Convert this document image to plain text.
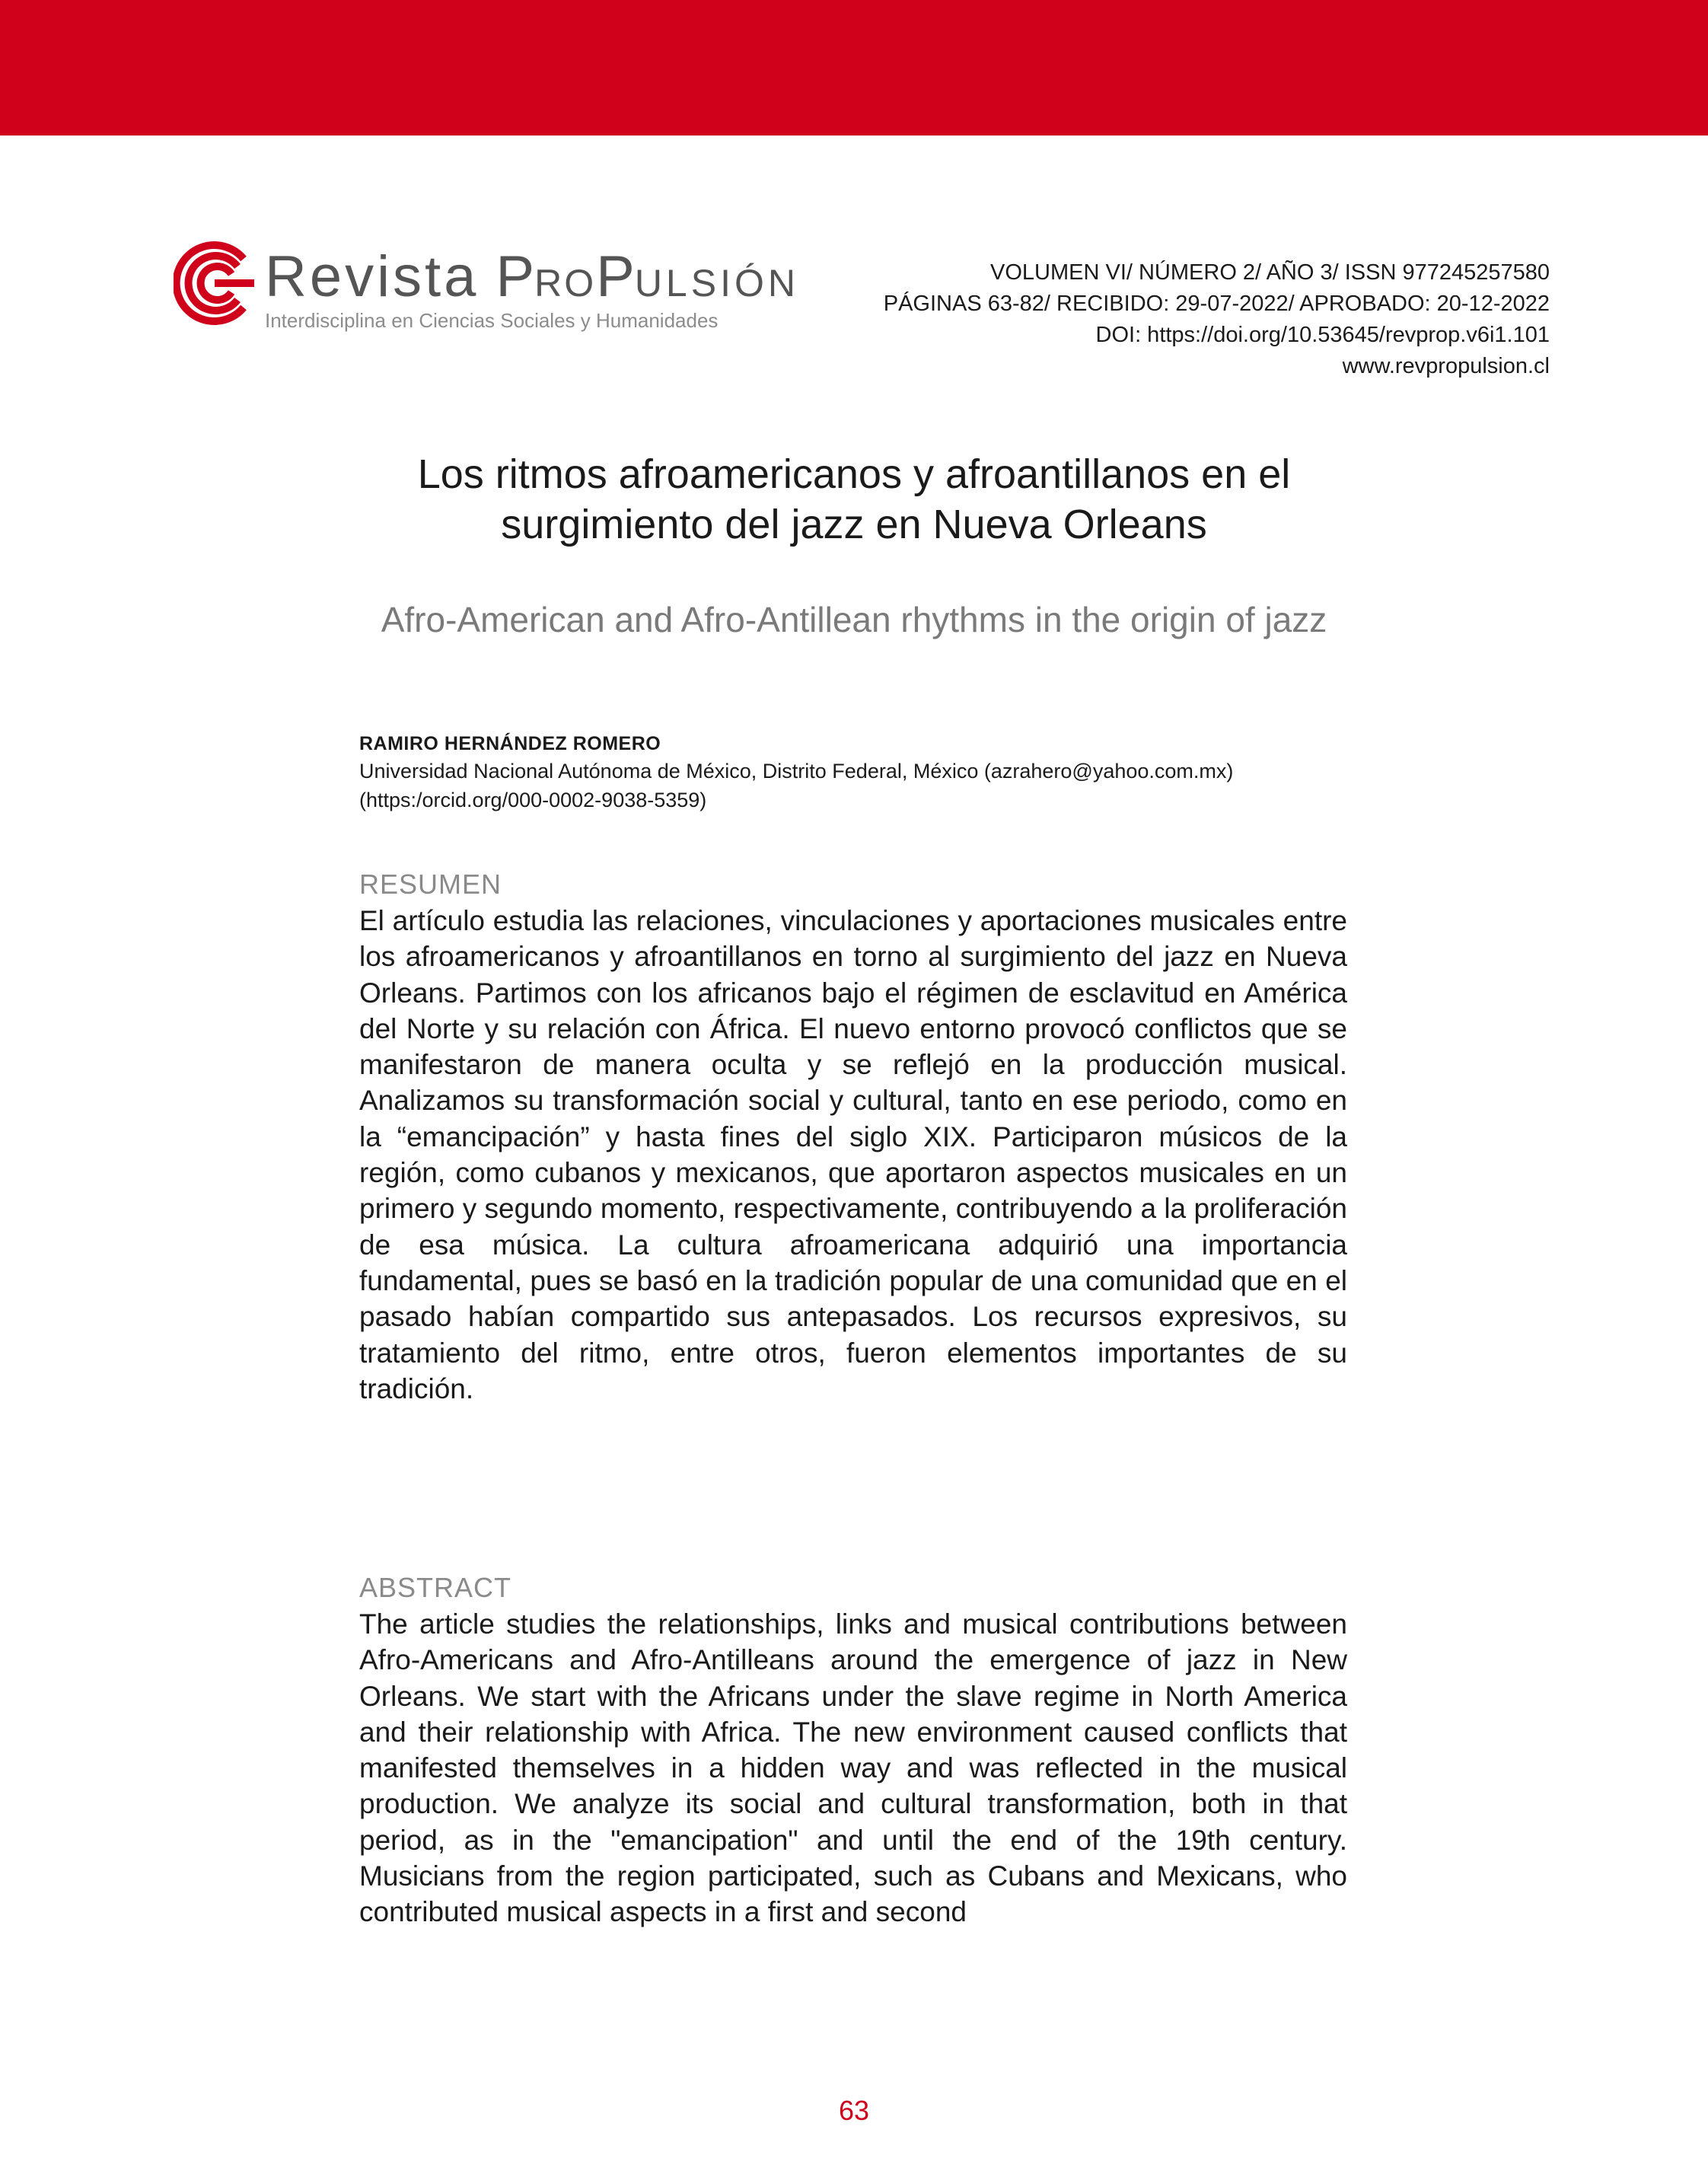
Revista PROPULSIÓN
Interdisciplina en Ciencias Sociales y Humanidades
VOLUMEN VI/ NÚMERO 2/ AÑO 3/ ISSN 977245257580
PÁGINAS 63-82/ RECIBIDO: 29-07-2022/ APROBADO: 20-12-2022
DOI: https://doi.org/10.53645/revprop.v6i1.101
www.revpropulsion.cl
Los ritmos afroamericanos y afroantillanos en el
surgimiento del jazz en Nueva Orleans
Afro-American and Afro-Antillean rhythms in the origin of jazz
RAMIRO HERNÁNDEZ ROMERO
Universidad Nacional Autónoma de México, Distrito Federal, México (azrahero@yahoo.com.mx)
(https:/orcid.org/000-0002-9038-5359)
RESUMEN

El artículo estudia las relaciones, vinculaciones y aportaciones musicales entre los afroamericanos y afroantillanos en torno al surgimiento del jazz en Nueva Orleans. Partimos con los africanos bajo el régimen de esclavitud en América del Norte y su relación con África. El nuevo entorno provocó conflictos que se manifestaron de manera oculta y se reflejó en la producción musical. Analizamos su transformación social y cultural, tanto en ese periodo, como en la “emancipación” y hasta fines del siglo XIX. Participaron músicos de la región, como cubanos y mexicanos, que aportaron aspectos musicales en un primero y segundo momento, respectivamente, contribuyendo a la proliferación de esa música. La cultura afroamericana adquirió una importancia fundamental, pues se basó en la tradición popular de una comunidad que en el pasado habían compartido sus antepasados. Los recursos expresivos, su tratamiento del ritmo, entre otros, fueron elementos importantes de su tradición.

ABSTRACT

The article studies the relationships, links and musical contributions between Afro-Americans and Afro-Antilleans around the emergence of jazz in New Orleans. We start with the Africans under the slave regime in North America and their relationship with Africa. The new environment caused conflicts that manifested themselves in a hidden way and was reflected in the musical production. We analyze its social and cultural transformation, both in that period, as in the "emancipation" and until the end of the 19th century. Musicians from the region participated, such as Cubans and Mexicans, who contributed musical aspects in a first and second

63
